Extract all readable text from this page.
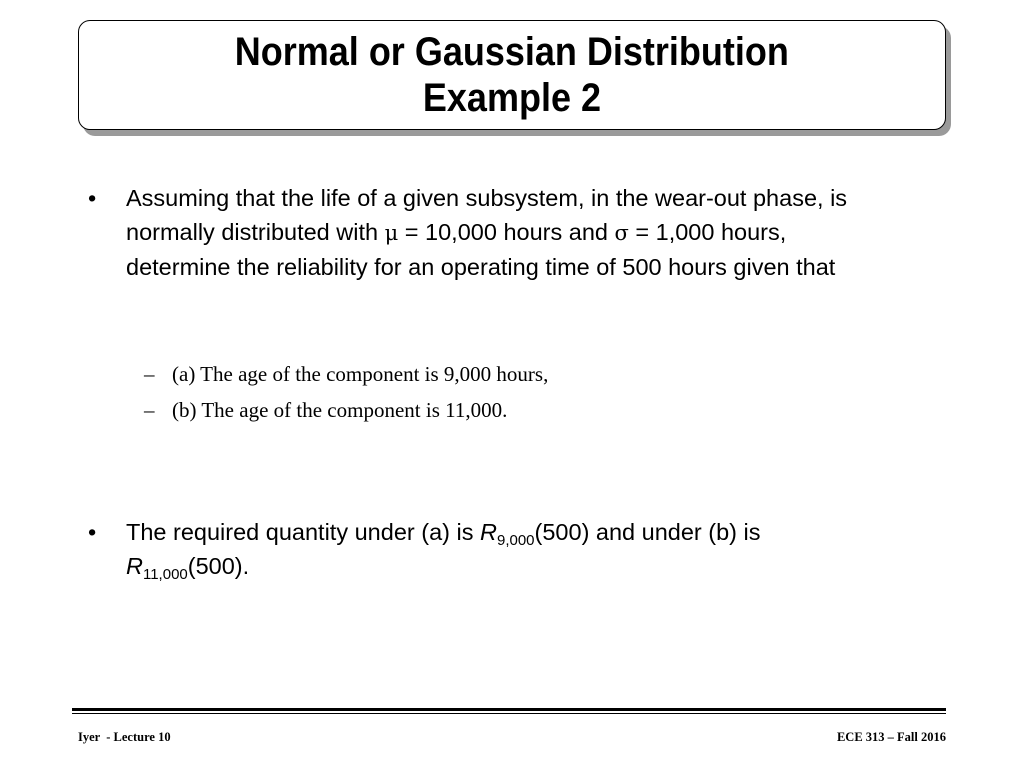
Normal or Gaussian Distribution
Example 2
• Assuming that the life of a given subsystem, in the wear-out phase, is normally distributed with μ = 10,000 hours and σ = 1,000 hours, determine the reliability for an operating time of 500 hours given that
– (a) The age of the component is 9,000 hours,
– (b) The age of the component is 11,000.
• The required quantity under (a) is $R_{9,000}(500)$ and under (b) is
$R_{11,000}(500)$.
Iyer  - Lecture 10	ECE 313 – Fall 2016
